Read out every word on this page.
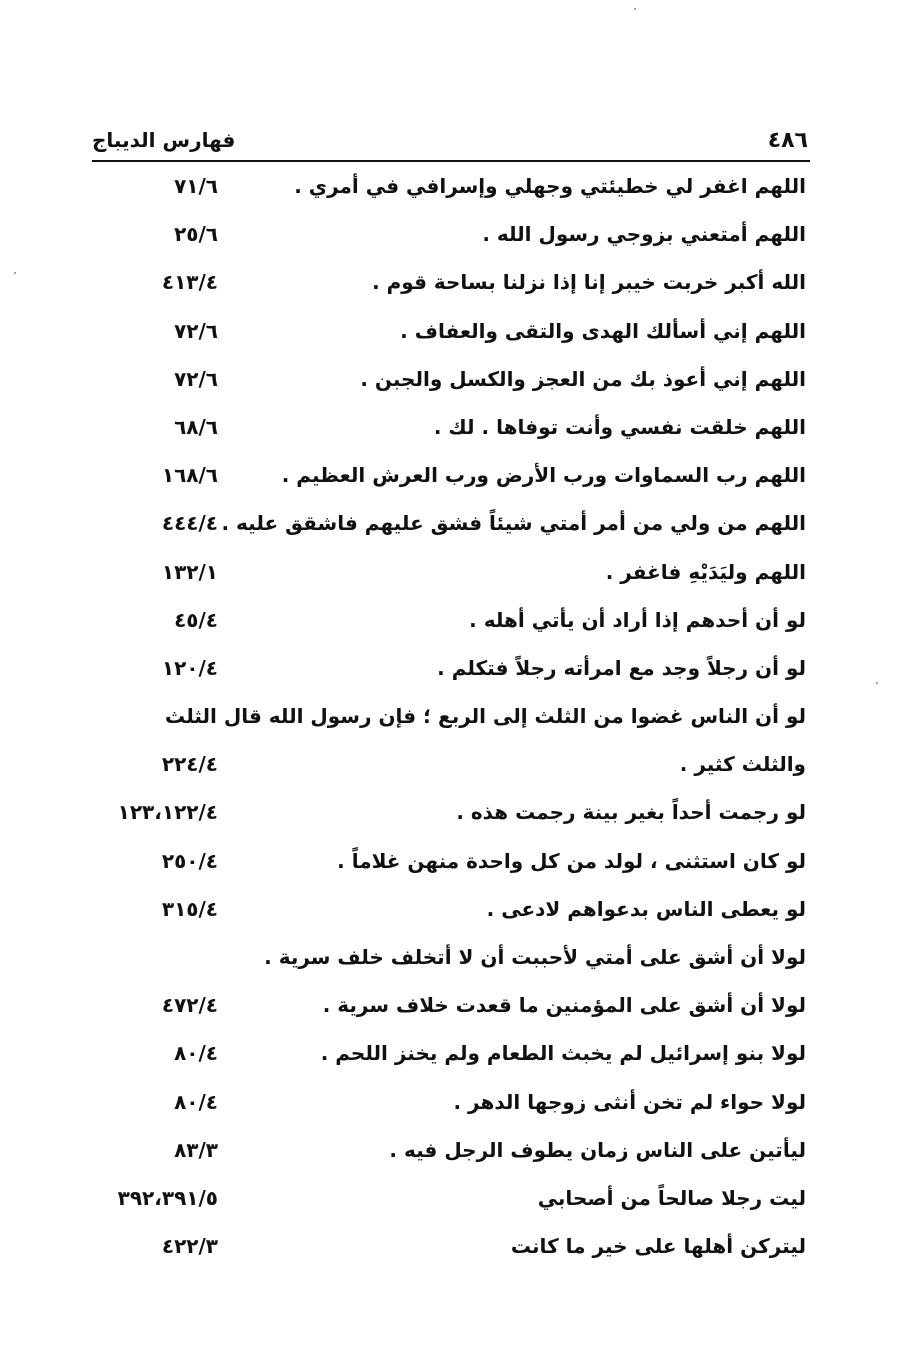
فهارس الديباج	٤٨٦
اللهم اغفر لي خطيئتي وجهلي وإسرافي في أمري .
٧١/٦
اللهم أمتعني بزوجي رسول الله .
٢٥/٦
الله أكبر خربت خيبر إنا إذا نزلنا بساحة قوم .
٤١٣/٤
اللهم إني أسألك الهدى والتقى والعفاف .
٧٢/٦
اللهم إني أعوذ بك من العجز والكسل والجبن .
٧٢/٦
اللهم خلقت نفسي وأنت توفاها . لك .
٦٨/٦
اللهم رب السماوات ورب الأرض ورب العرش العظيم .
١٦٨/٦
اللهم من ولي من أمر أمتي شيئاً فشق عليهم فاشقق عليه .
٤٤٤/٤
اللهم وليَدَيْهِ فاغفر .
١٣٢/١
لو أن أحدهم إذا أراد أن يأتي أهله .
٤٥/٤
لو أن رجلاً وجد مع امرأته رجلاً فتكلم .
١٢٠/٤
لو أن الناس غضوا من الثلث إلى الربع ؛ فإن رسول الله قال الثلث
والثلث كثير .
٢٢٤/٤
لو رجمت أحداً بغير بينة رجمت هذه .
١٢٣،١٢٢/٤
لو كان استثنى ، لولد من كل واحدة منهن غلاماً .
٢٥٠/٤
لو يعطى الناس بدعواهم لادعى .
٣١٥/٤
لولا أن أشق على أمتي لأحببت أن لا أتخلف خلف سرية .
لولا أن أشق على المؤمنين ما قعدت خلاف سرية .
٤٧٢/٤
لولا بنو إسرائيل لم يخبث الطعام ولم يخنز اللحم .
٨٠/٤
لولا حواء لم تخن أنثى زوجها الدهر .
٨٠/٤
ليأتين على الناس زمان يطوف الرجل فيه .
٨٣/٣
ليت رجلا صالحاً من أصحابي
٣٩٢،٣٩١/٥
ليتركن أهلها على خير ما كانت
٤٢٢/٣
